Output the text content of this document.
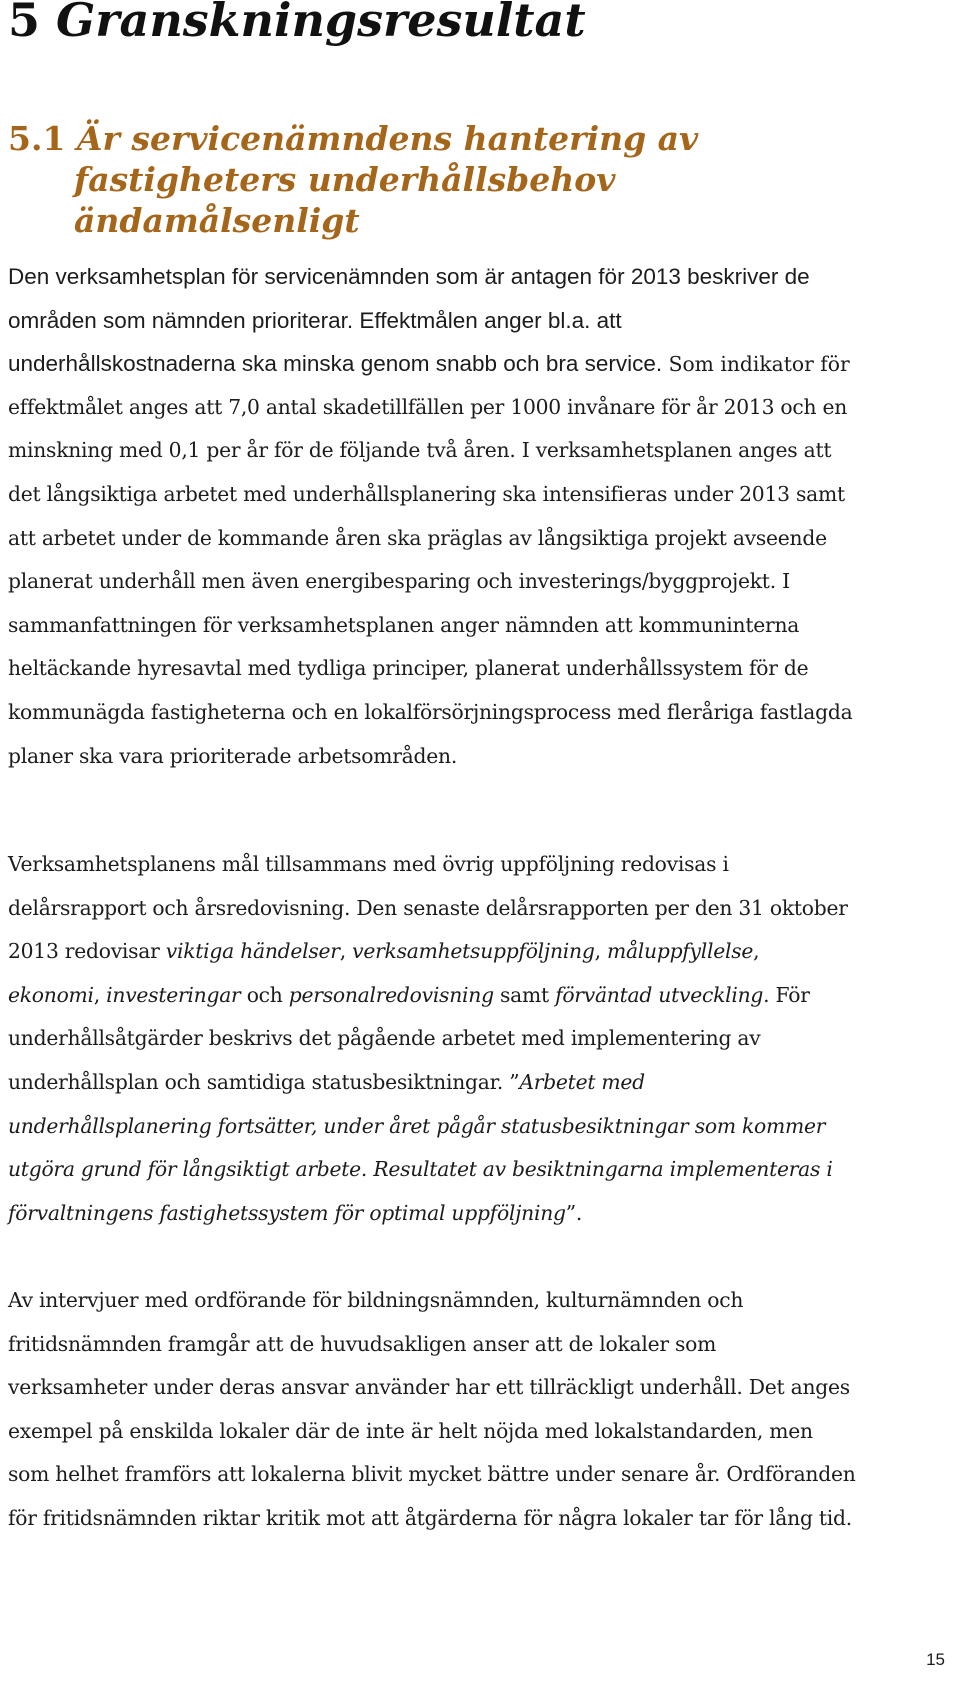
5 Granskningsresultat
5.1 Är servicenämndens hantering av
fastigheters underhållsbehov
ändamålsenligt
Den verksamhetsplan för servicenämnden som är antagen för 2013 beskriver de
områden som nämnden prioriterar. Effektmålen anger bl.a. att
underhållskostnaderna ska minska genom snabb och bra service. Som indikator för
effektmålet anges att 7,0 antal skadetillfällen per 1000 invånare för år 2013 och en
minskning med 0,1 per år för de följande två åren. I verksamhetsplanen anges att
det långsiktiga arbetet med underhållsplanering ska intensifieras under 2013 samt
att arbetet under de kommande åren ska präglas av långsiktiga projekt avseende
planerat underhåll men även energibesparing och investerings/byggprojekt. I
sammanfattningen för verksamhetsplanen anger nämnden att kommuninterna
heltäckande hyresavtal med tydliga principer, planerat underhållssystem för de
kommunägda fastigheterna och en lokalförsörjningsprocess med fleråriga fastlagda
planer ska vara prioriterade arbetsområden.
Verksamhetsplanens mål tillsammans med övrig uppföljning redovisas i
delårsrapport och årsredovisning. Den senaste delårsrapporten per den 31 oktober
2013 redovisar viktiga händelser, verksamhetsuppföljning, måluppfyllelse,
ekonomi, investeringar och personalredovisning samt förväntad utveckling. För
underhållsåtgärder beskrivs det pågående arbetet med implementering av
underhållsplan och samtidiga statusbesiktningar. ”Arbetet med
underhållsplanering fortsätter, under året pågår statusbesiktningar som kommer
utgöra grund för långsiktigt arbete. Resultatet av besiktningarna implementeras i
förvaltningens fastighetssystem för optimal uppföljning”.
Av intervjuer med ordförande för bildningsnämnden, kulturnämnden och
fritidsnämnden framgår att de huvudsakligen anser att de lokaler som
verksamheter under deras ansvar använder har ett tillräckligt underhåll. Det anges
exempel på enskilda lokaler där de inte är helt nöjda med lokalstandarden, men
som helhet framförs att lokalerna blivit mycket bättre under senare år. Ordföranden
för fritidsnämnden riktar kritik mot att åtgärderna för några lokaler tar för lång tid.
15
